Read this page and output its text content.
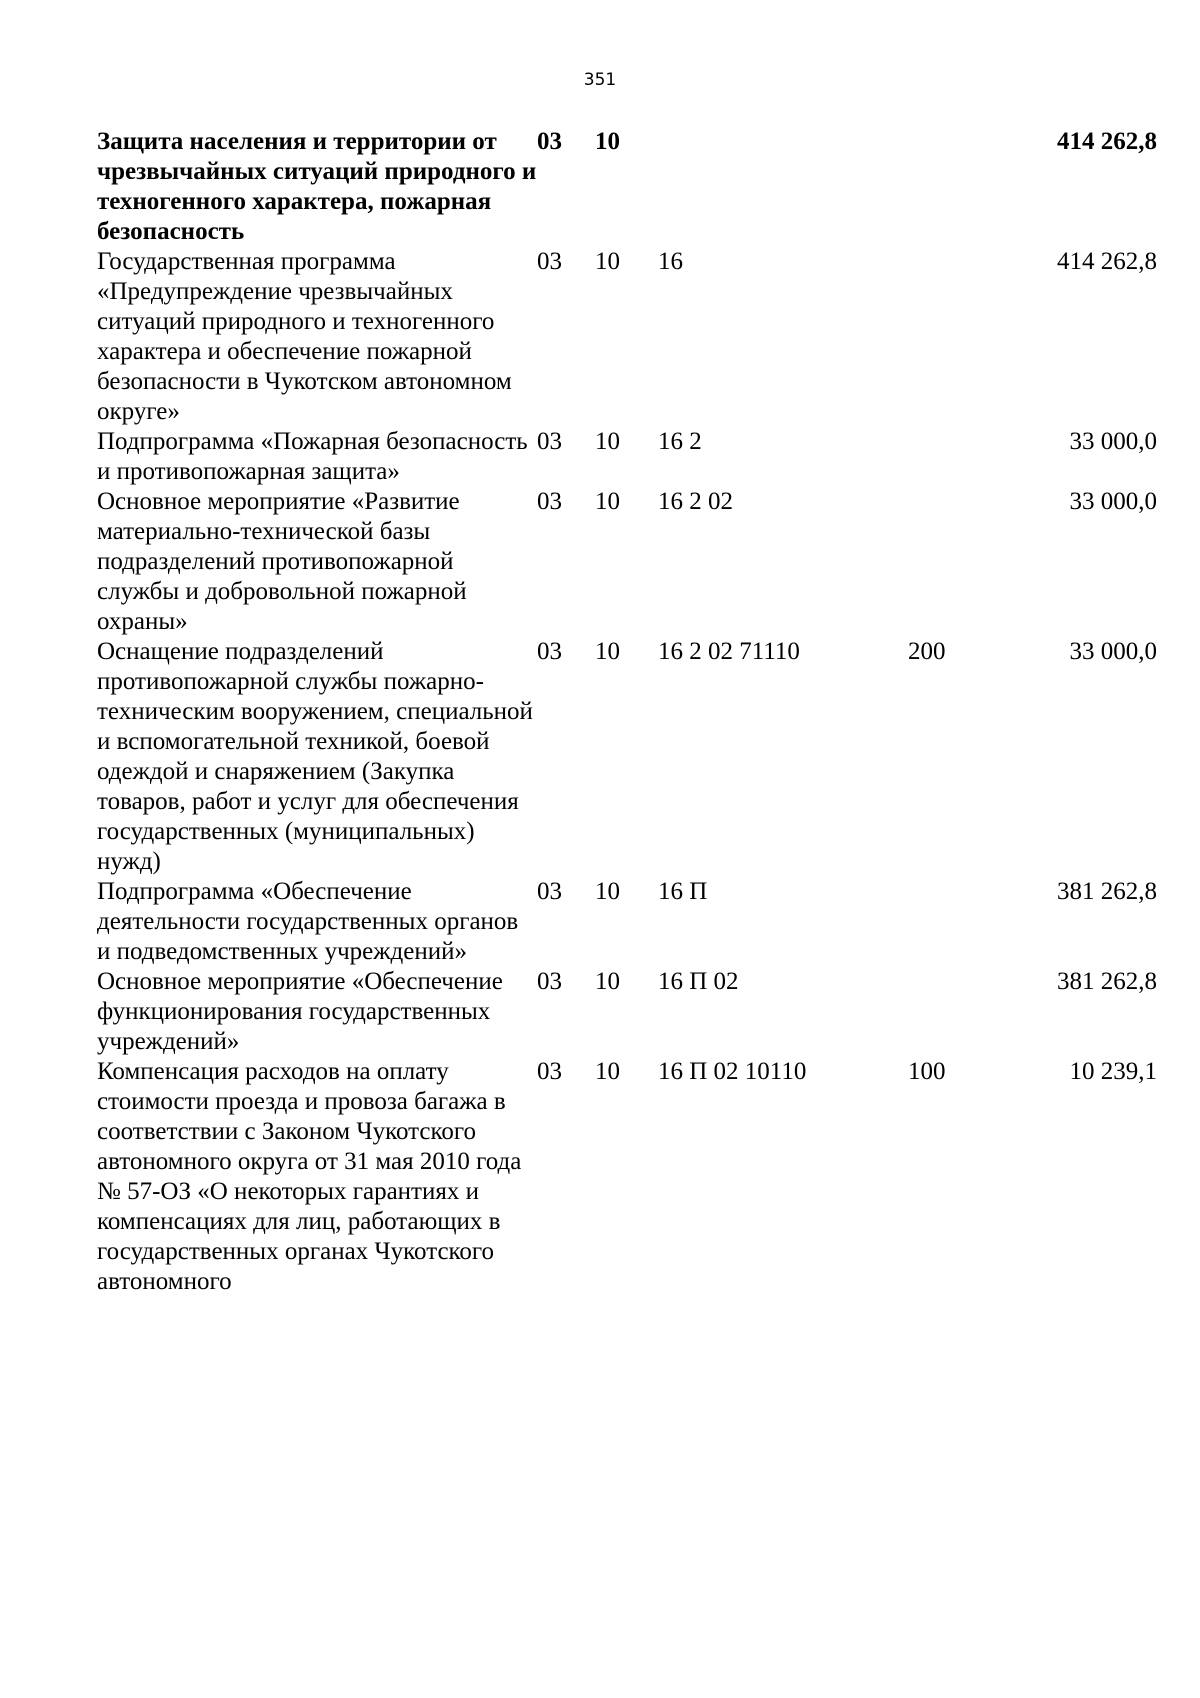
351
Защита населения и территории от чрезвычайных ситуаций природного и техногенного характера, пожарная безопасность	03	10			414 262,8
Государственная программа «Предупреждение чрезвычайных ситуаций природного и техногенного характера и обеспечение пожарной безопасности в Чукотском автономном округе»	03	10	16		414 262,8
Подпрограмма «Пожарная безопасность и противопожарная защита»	03	10	16 2		33 000,0
Основное мероприятие «Развитие материально-технической базы подразделений противопожарной службы и добровольной пожарной охраны»	03	10	16 2 02		33 000,0
Оснащение подразделений противопожарной службы пожарно-техническим вооружением, специальной и вспомогательной техникой, боевой одеждой и снаряжением (Закупка товаров, работ и услуг для обеспечения государственных (муниципальных) нужд)	03	10	16 2 02 71110	200	33 000,0
Подпрограмма «Обеспечение деятельности государственных органов и подведомственных учреждений»	03	10	16 П		381 262,8
Основное мероприятие «Обеспечение функционирования государственных учреждений»	03	10	16 П 02		381 262,8
Компенсация расходов на оплату стоимости проезда и провоза багажа в соответствии с Законом Чукотского автономного округа от 31 мая 2010 года № 57-ОЗ «О некоторых гарантиях и компенсациях для лиц, работающих в государственных органах Чукотского автономного	03	10	16 П 02 10110	100	10 239,1
